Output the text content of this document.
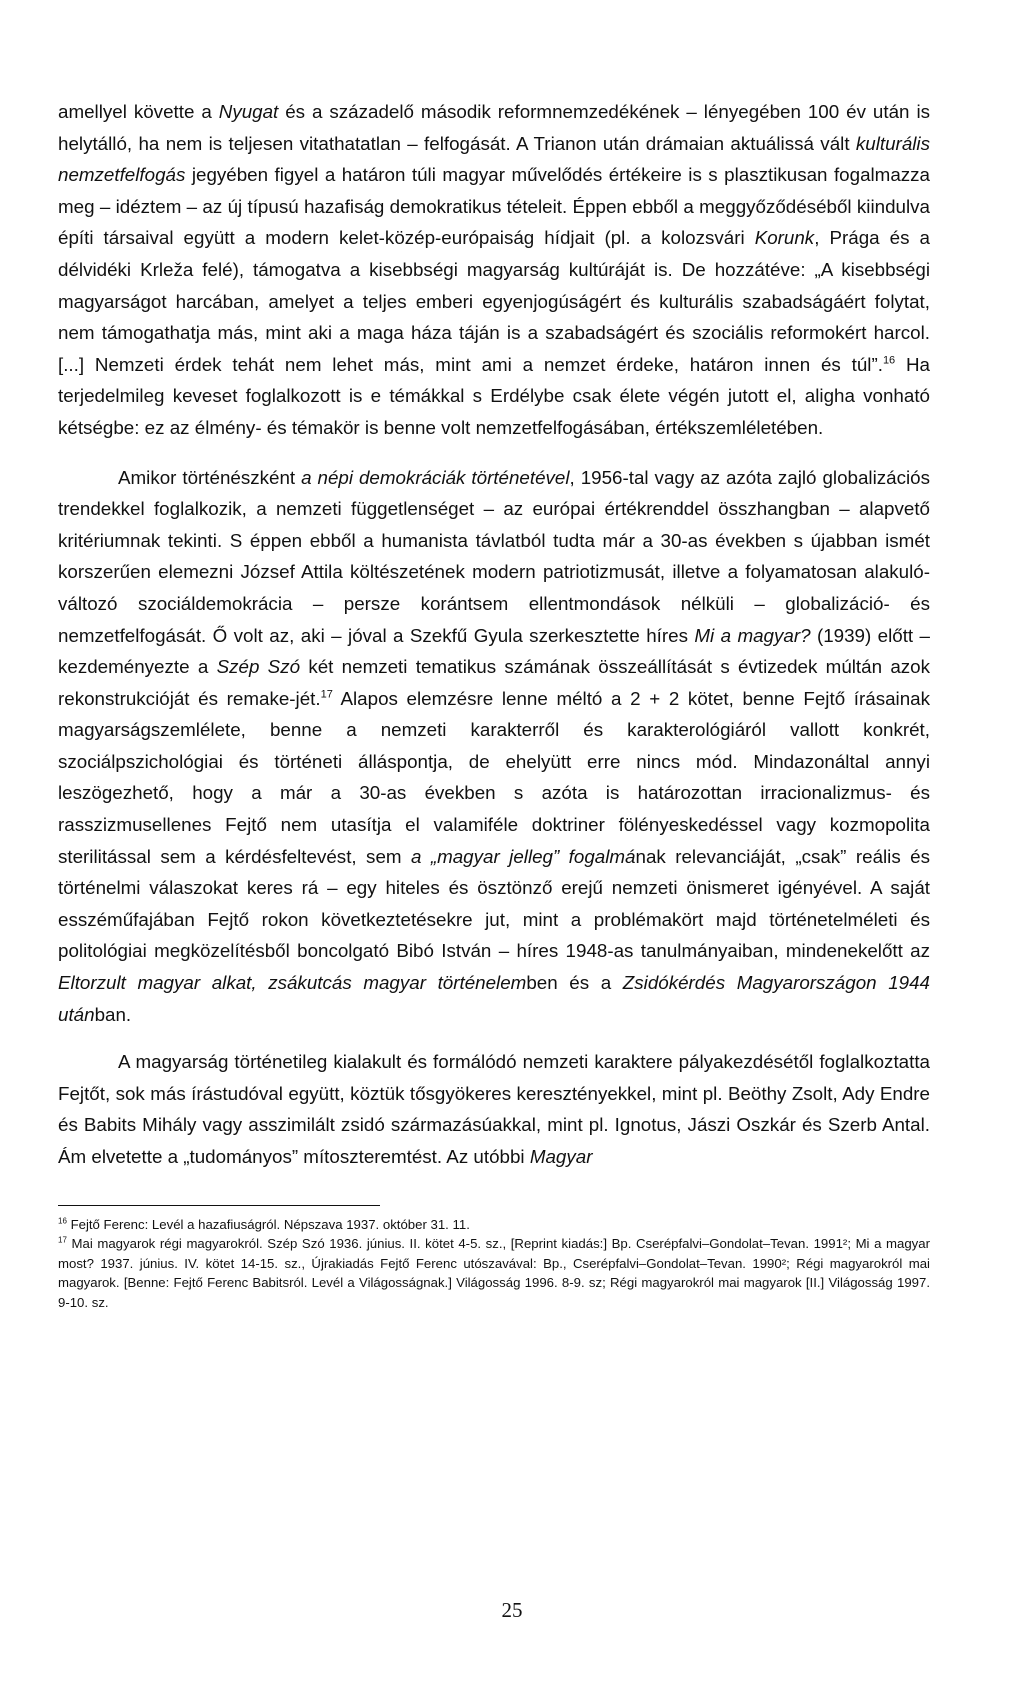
amellyel követte a Nyugat és a századelő második reformnemzedékének – lényegében 100 év után is helytálló, ha nem is teljesen vitathatatlan – felfogását. A Trianon után drámaian aktuálissá vált kulturális nemzetfelfogás jegyében figyel a határon túli magyar művelődés értékeire is s plasztikusan fogalmazza meg – idéztem – az új típusú hazafiság demokratikus tételeit. Éppen ebből a meggyőződéséből kiindulva építi társaival együtt a modern kelet-közép-európaiság hídjait (pl. a kolozsvári Korunk, Prága és a délvidéki Krleža felé), támogatva a kisebbségi magyarság kultúráját is. De hozzátéve: „A kisebbségi magyarságot harcában, amelyet a teljes emberi egyenjogúságért és kulturális szabadságáért folytat, nem támogathatja más, mint aki a maga háza táján is a szabadságért és szociális reformokért harcol. [...] Nemzeti érdek tehát nem lehet más, mint ami a nemzet érdeke, határon innen és túl”.$^{16}$ Ha terjedelmileg keveset foglalkozott is e témákkal s Erdélybe csak élete végén jutott el, aligha vonható kétségbe: ez az élmény- és témakör is benne volt nemzetfelfogásában, értékszemléletében.

Amikor történészként a népi demokráciák történetével, 1956-tal vagy az azóta zajló globalizációs trendekkel foglalkozik, a nemzeti függetlenséget – az európai értékrenddel összhangban – alapvető kritériumnak tekinti. S éppen ebből a humanista távlatból tudta már a 30-as években s újabban ismét korszerűen elemezni József Attila költészetének modern patriotizmusát, illetve a folyamatosan alakuló-változó szociáldemokrácia – persze korántsem ellentmondások nélküli – globalizáció- és nemzetfelfogását. Ő volt az, aki – jóval a Szekfű Gyula szerkesztette híres Mi a magyar? (1939) előtt – kezdeményezte a Szép Szó két nemzeti tematikus számának összeállítását s évtizedek múltán azok rekonstrukcióját és remake-jét.$^{17}$ Alapos elemzésre lenne méltó a 2 + 2 kötet, benne Fejtő írásainak magyarságszemlélete, benne a nemzeti karakterről és karakterológiáról vallott konkrét, szociálpszichológiai és történeti álláspontja, de ehelyütt erre nincs mód. Mindazonáltal annyi leszögezhető, hogy a már a 30-as években s azóta is határozottan irracionalizmus- és rasszizmusellenes Fejtő nem utasítja el valamiféle doktriner fölényeskedéssel vagy kozmopolita sterilitással sem a kérdésfeltevést, sem a „magyar jelleg” fogalmának relevanciáját, „csak” reális és történelmi válaszokat keres rá – egy hiteles és ösztönző erejű nemzeti önismeret igényével. A saját esszéműfajában Fejtő rokon következtetésekre jut, mint a problémakört majd történetelméleti és politológiai megközelítésből boncolgató Bibó István – híres 1948-as tanulmányaiban, mindenekelőtt az Eltorzult magyar alkat, zsákutcás magyar történelemben és a Zsidókérdés Magyarországon 1944 utánban.

A magyarság történetileg kialakult és formálódó nemzeti karaktere pályakezdésétől foglalkoztatta Fejtőt, sok más írástudóval együtt, köztük tősgyökeres keresztényekkel, mint pl. Beöthy Zsolt, Ady Endre és Babits Mihály vagy asszimilált zsidó származásúakkal, mint pl. Ignotus, Jászi Oszkár és Szerb Antal. Ám elvetette a „tudományos” mítoszteremtést. Az utóbbi Magyar

$^{16}$ Fejtő Ferenc: Levél a hazafiuságról. Népszava 1937. október 31. 11.

$^{17}$ Mai magyarok régi magyarokról. Szép Szó 1936. június. II. kötet 4-5. sz., [Reprint kiadás:] Bp. Cserépfalvi–Gondolat–Tevan. 1991²; Mi a magyar most? 1937. június. IV. kötet 14-15. sz., Újrakiadás Fejtő Ferenc utószavával: Bp., Cserépfalvi–Gondolat–Tevan. 1990²; Régi magyarokról mai magyarok. [Benne: Fejtő Ferenc Babitsról. Levél a Világosságnak.] Világosság 1996. 8-9. sz; Régi magyarokról mai magyarok [II.] Világosság 1997. 9-10. sz.

25
